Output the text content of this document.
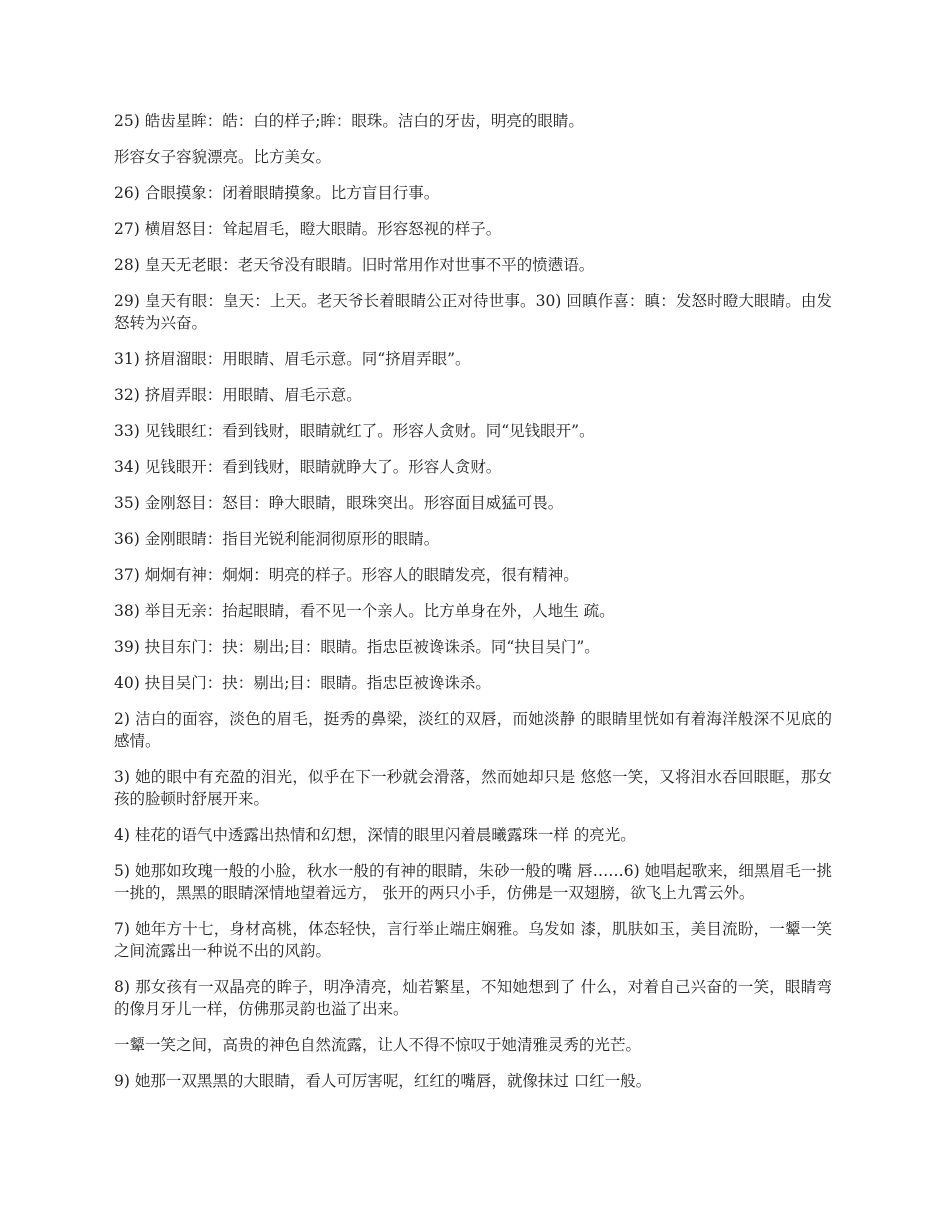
25) 皓齿星眸：皓：白的样子;眸：眼珠。洁白的牙齿，明亮的眼睛。

形容女子容貌漂亮。比方美女。

26) 合眼摸象：闭着眼睛摸象。比方盲目行事。

27) 横眉怒目：耸起眉毛，瞪大眼睛。形容怒视的样子。

28) 皇天无老眼：老天爷没有眼睛。旧时常用作对世事不平的愤懑语。

29) 皇天有眼：皇天：上天。老天爷长着眼睛公正对待世事。30) 回瞋作喜：瞋：发怒时瞪大眼睛。由发怒转为兴奋。

31) 挤眉溜眼：用眼睛、眉毛示意。同“挤眉弄眼”。

32) 挤眉弄眼：用眼睛、眉毛示意。

33) 见钱眼红：看到钱财，眼睛就红了。形容人贪财。同“见钱眼开”。

34) 见钱眼开：看到钱财，眼睛就睁大了。形容人贪财。

35) 金刚怒目：怒目：睁大眼睛，眼珠突出。形容面目威猛可畏。

36) 金刚眼睛：指目光锐利能洞彻原形的眼睛。

37) 炯炯有神：炯炯：明亮的样子。形容人的眼睛发亮，很有精神。

38) 举目无亲：抬起眼睛，看不见一个亲人。比方单身在外，人地生 疏。

39) 抉目东门：抉：剔出;目：眼睛。指忠臣被谗诛杀。同“抉目吴门”。

40) 抉目吴门：抉：剔出;目：眼睛。指忠臣被谗诛杀。

2) 洁白的面容，淡色的眉毛，挺秀的鼻梁，淡红的双唇，而她淡静 的眼睛里恍如有着海洋般深不见底的感情。

3) 她的眼中有充盈的泪光，似乎在下一秒就会滑落，然而她却只是 悠悠一笑，又将泪水吞回眼眶，那女孩的脸顿时舒展开来。

4) 桂花的语气中透露出热情和幻想，深情的眼里闪着晨曦露珠一样 的亮光。

5) 她那如玫瑰一般的小脸，秋水一般的有神的眼睛，朱砂一般的嘴 唇……6) 她唱起歌来，细黑眉毛一挑一挑的，黑黑的眼睛深情地望着远方， 张开的两只小手，仿佛是一双翅膀，欲飞上九霄云外。

7) 她年方十七，身材高桃，体态轻快，言行举止端庄娴雅。乌发如 漆，肌肤如玉，美目流盼，一颦一笑之间流露出一种说不出的风韵。

8) 那女孩有一双晶亮的眸子，明净清亮，灿若繁星，不知她想到了 什么，对着自己兴奋的一笑，眼睛弯的像月牙儿一样，仿佛那灵韵也溢了出来。

一颦一笑之间，高贵的神色自然流露，让人不得不惊叹于她清雅灵秀的光芒。

9) 她那一双黑黑的大眼睛，看人可厉害呢，红红的嘴唇，就像抹过 口红一般。
